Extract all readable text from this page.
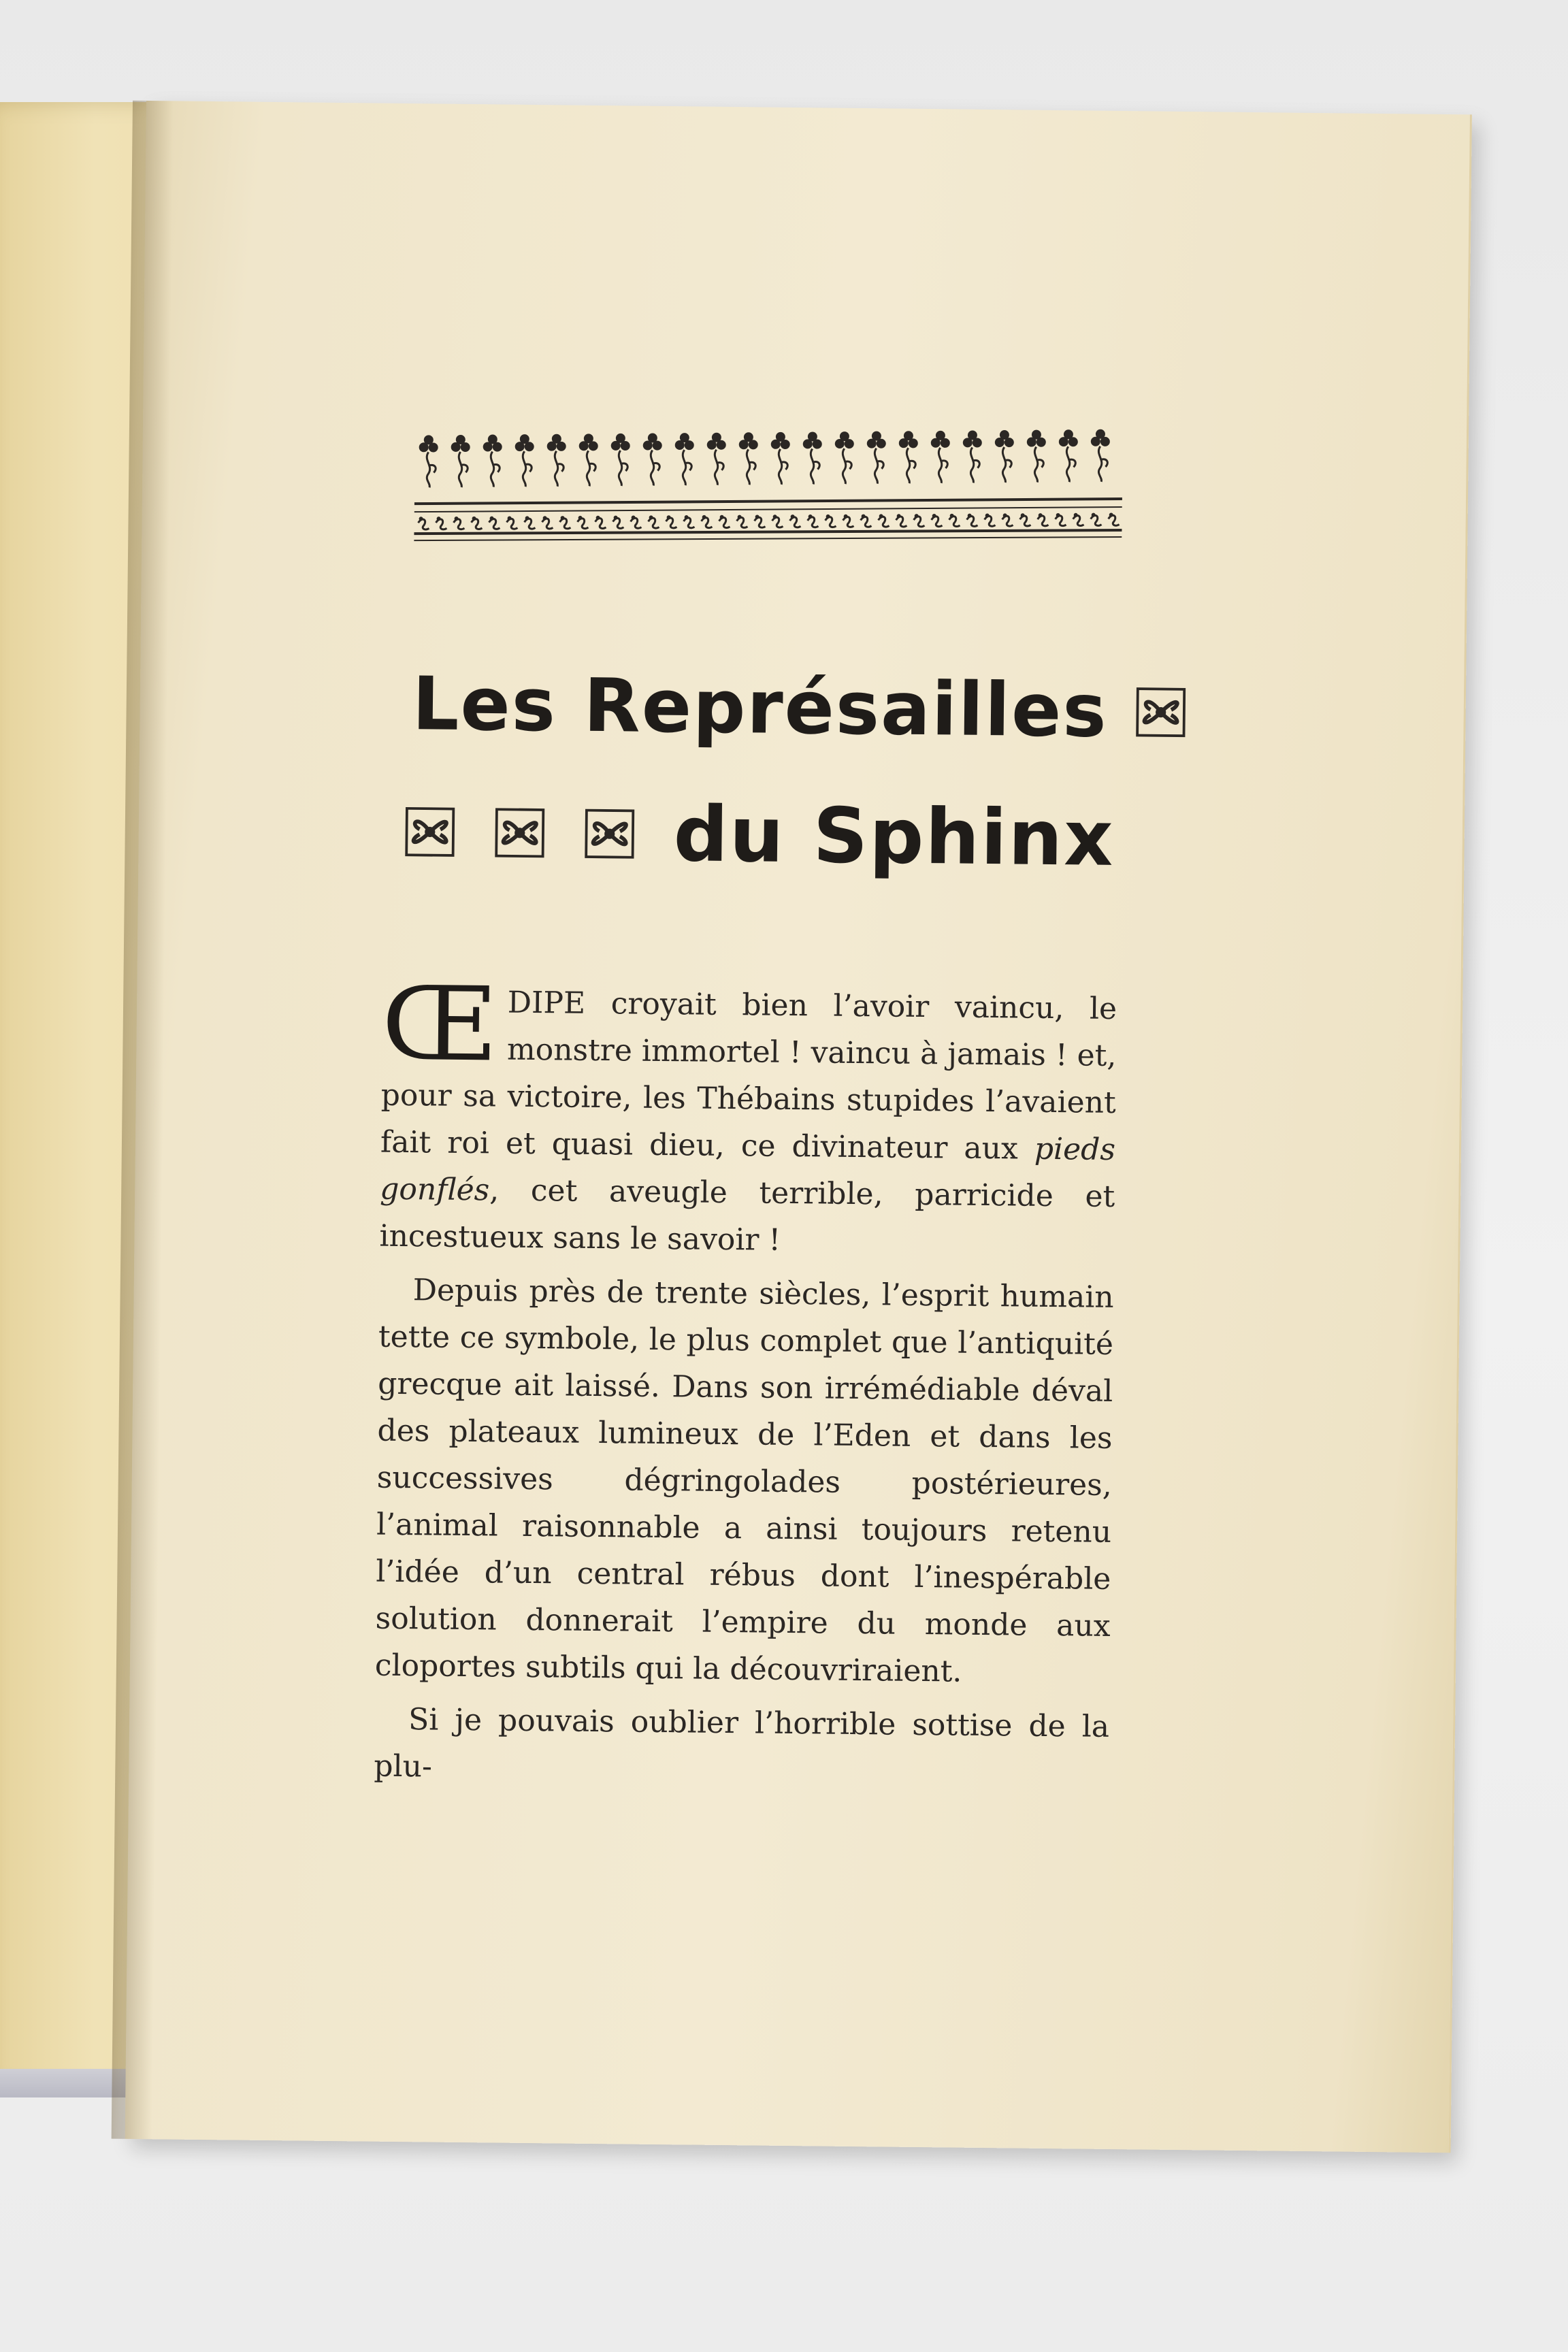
Les Représailles
du Sphinx

ŒDIPE croyait bien l’avoir vaincu, le monstre immortel ! vaincu à jamais ! et, pour sa victoire, les Thébains stupides l’avaient fait roi et quasi dieu, ce divinateur aux pieds gonflés, cet aveugle terrible, parricide et incestueux sans le savoir !

Depuis près de trente siècles, l’esprit humain tette ce symbole, le plus complet que l’antiquité grecque ait laissé. Dans son irrémédiable déval des plateaux lumineux de l’Eden et dans les successives dégringolades postérieures, l’animal raisonnable a ainsi toujours retenu l’idée d’un central rébus dont l’inespérable solution donnerait l’empire du monde aux cloportes subtils qui la découvriraient.

Si je pouvais oublier l’horrible sottise de la plu-
